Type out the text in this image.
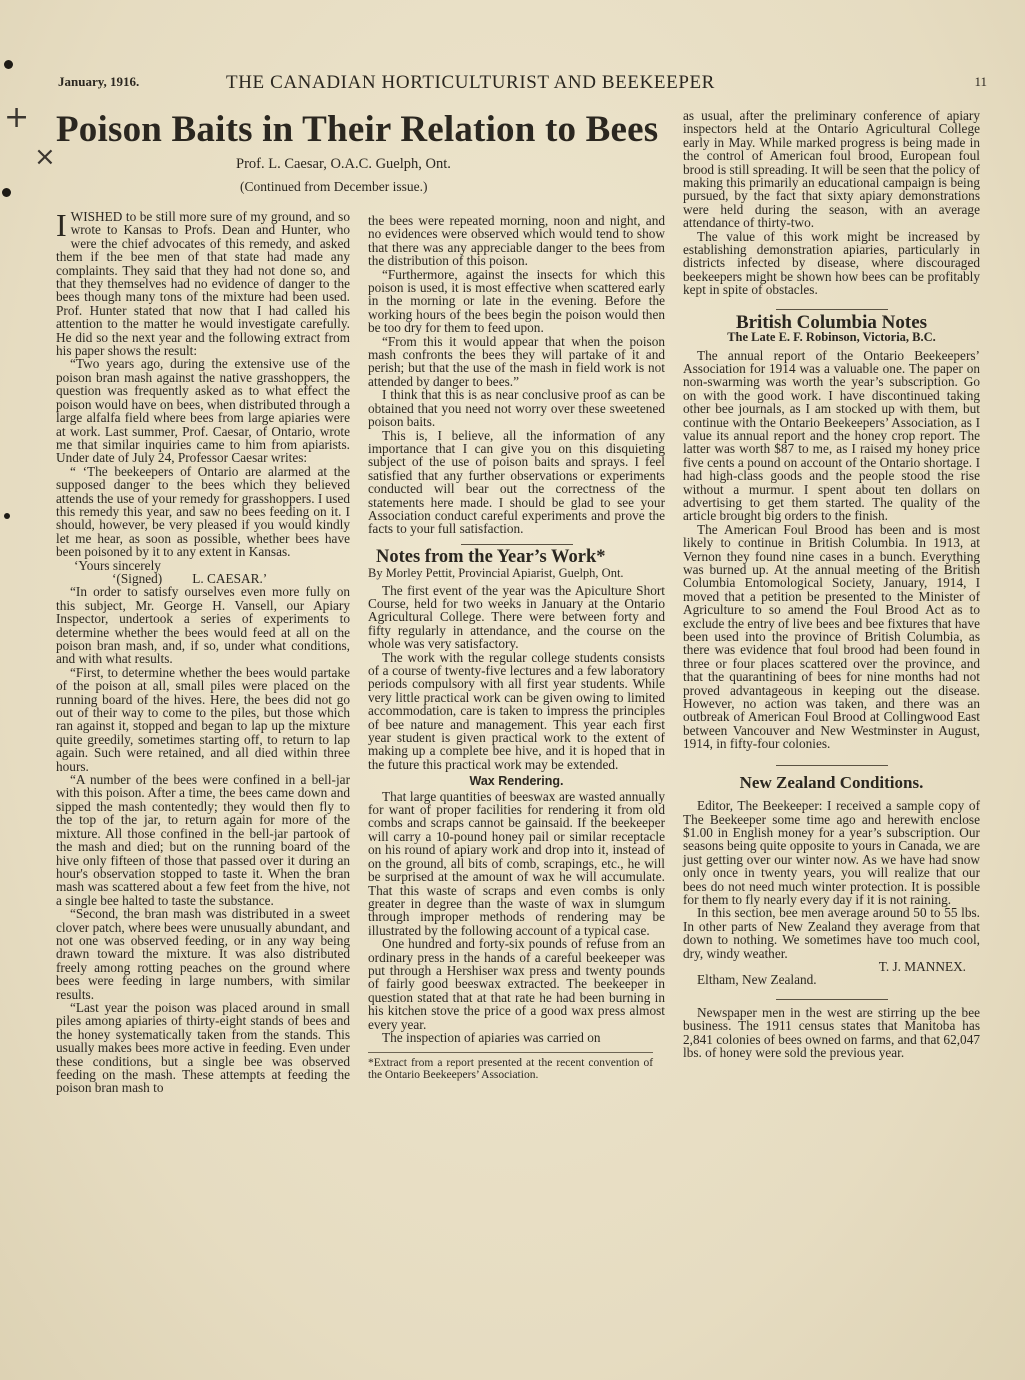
+
×
January, 1916.	THE CANADIAN HORTICULTURIST AND BEEKEEPER	11
Poison Baits in Their Relation to Bees
Prof. L. Caesar, O.A.C. Guelph, Ont.
(Continued from December issue.)

IWISHED to be still more sure of my ground, and so wrote to Kansas to Profs. Dean and Hunter, who were the chief advocates of this remedy, and asked them if the bee men of that state had made any complaints. They said that they had not done so, and that they themselves had no evidence of danger to the bees though many tons of the mixture had been used. Prof. Hunter stated that now that I had called his attention to the matter he would investigate carefully. He did so the next year and the following extract from his paper shows the result:

“Two years ago, during the extensive use of the poison bran mash against the native grasshoppers, the question was frequently asked as to what effect the poison would have on bees, when distributed through a large alfalfa field where bees from large apiaries were at work. Last summer, Prof. Caesar, of Ontario, wrote me that similar inquiries came to him from apiarists. Under date of July 24, Professor Caesar writes:

“ ‘The beekeepers of Ontario are alarmed at the supposed danger to the bees which they believed attends the use of your remedy for grasshoppers. I used this remedy this year, and saw no bees feeding on it. I should, however, be very pleased if you would kindly let me hear, as soon as possible, whether bees have been poisoned by it to any extent in Kansas.

‘Yours sincerely

‘(Signed) L. CAESAR.’

“In order to satisfy ourselves even more fully on this subject, Mr. George H. Vansell, our Apiary Inspector, undertook a series of experiments to determine whether the bees would feed at all on the poison bran mash, and, if so, under what conditions, and with what results.

“First, to determine whether the bees would partake of the poison at all, small piles were placed on the running board of the hives. Here, the bees did not go out of their way to come to the piles, but those which ran against it, stopped and began to lap up the mixture quite greedily, sometimes starting off, to return to lap again. Such were retained, and all died within three hours.

“A number of the bees were confined in a bell-jar with this poison. After a time, the bees came down and sipped the mash contentedly; they would then fly to the top of the jar, to return again for more of the mixture. All those confined in the bell-jar partook of the mash and died; but on the running board of the hive only fifteen of those that passed over it during an hour's observation stopped to taste it. When the bran mash was scattered about a few feet from the hive, not a single bee halted to taste the substance.

“Second, the bran mash was distributed in a sweet clover patch, where bees were unusually abundant, and not one was observed feeding, or in any way being drawn toward the mixture. It was also distributed freely among rotting peaches on the ground where bees were feeding in large numbers, with similar results.

“Last year the poison was placed around in small piles among apiaries of thirty-eight stands of bees and the honey systematically taken from the stands. This usually makes bees more active in feeding. Even under these conditions, but a single bee was observed feeding on the mash. These attempts at feeding the poison bran mash to

the bees were repeated morning, noon and night, and no evidences were observed which would tend to show that there was any appreciable danger to the bees from the distribution of this poison.

“Furthermore, against the insects for which this poison is used, it is most effective when scattered early in the morning or late in the evening. Before the working hours of the bees begin the poison would then be too dry for them to feed upon.

“From this it would appear that when the poison mash confronts the bees they will partake of it and perish; but that the use of the mash in field work is not attended by danger to bees.”

I think that this is as near conclusive proof as can be obtained that you need not worry over these sweetened poison baits.

This is, I believe, all the information of any importance that I can give you on this disquieting subject of the use of poison baits and sprays. I feel satisfied that any further observations or experiments conducted will bear out the correctness of the statements here made. I should be glad to see your Association conduct careful experiments and prove the facts to your full satisfaction.

Notes from the Year’s Work*
By Morley Pettit, Provincial Apiarist, Guelph, Ont.

The first event of the year was the Apiculture Short Course, held for two weeks in January at the Ontario Agricultural College. There were between forty and fifty regularly in attendance, and the course on the whole was very satisfactory.

The work with the regular college students consists of a course of twenty-five lectures and a few laboratory periods compulsory with all first year students. While very little practical work can be given owing to limited accommodation, care is taken to impress the principles of bee nature and management. This year each first year student is given practical work to the extent of making up a complete bee hive, and it is hoped that in the future this practical work may be extended.

Wax Rendering.

That large quantities of beeswax are wasted annually for want of proper facilities for rendering it from old combs and scraps cannot be gainsaid. If the beekeeper will carry a 10-pound honey pail or similar receptacle on his round of apiary work and drop into it, instead of on the ground, all bits of comb, scrapings, etc., he will be surprised at the amount of wax he will accumulate. That this waste of scraps and even combs is only greater in degree than the waste of wax in slumgum through improper methods of rendering may be illustrated by the following account of a typical case.

One hundred and forty-six pounds of refuse from an ordinary press in the hands of a careful beekeeper was put through a Hershiser wax press and twenty pounds of fairly good beeswax extracted. The beekeeper in question stated that at that rate he had been burning in his kitchen stove the price of a good wax press almost every year.

The inspection of apiaries was carried on

*Extract from a report presented at the recent convention of the Ontario Beekeepers’ Association.

as usual, after the preliminary conference of apiary inspectors held at the Ontario Agricultural College early in May. While marked progress is being made in the control of American foul brood, European foul brood is still spreading. It will be seen that the policy of making this primarily an educational campaign is being pursued, by the fact that sixty apiary demonstrations were held during the season, with an average attendance of thirty-two.

The value of this work might be increased by establishing demonstration apiaries, particularly in districts infected by disease, where discouraged beekeepers might be shown how bees can be profitably kept in spite of obstacles.

British Columbia Notes
The Late E. F. Robinson, Victoria, B.C.

The annual report of the Ontario Beekeepers’ Association for 1914 was a valuable one. The paper on non-swarming was worth the year’s subscription. Go on with the good work. I have discontinued taking other bee journals, as I am stocked up with them, but continue with the Ontario Beekeepers’ Association, as I value its annual report and the honey crop report. The latter was worth $87 to me, as I raised my honey price five cents a pound on account of the Ontario shortage. I had high-class goods and the people stood the rise without a murmur. I spent about ten dollars on advertising to get them started. The quality of the article brought big orders to the finish.

The American Foul Brood has been and is most likely to continue in British Columbia. In 1913, at Vernon they found nine cases in a bunch. Everything was burned up. At the annual meeting of the British Columbia Entomological Society, January, 1914, I moved that a petition be presented to the Minister of Agriculture to so amend the Foul Brood Act as to exclude the entry of live bees and bee fixtures that have been used into the province of British Columbia, as there was evidence that foul brood had been found in three or four places scattered over the province, and that the quarantining of bees for nine months had not proved advantageous in keeping out the disease. However, no action was taken, and there was an outbreak of American Foul Brood at Collingwood East between Vancouver and New Westminster in August, 1914, in fifty-four colonies.

New Zealand Conditions.

Editor, The Beekeeper: I received a sample copy of The Beekeeper some time ago and herewith enclose $1.00 in English money for a year’s subscription. Our seasons being quite opposite to yours in Canada, we are just getting over our winter now. As we have had snow only once in twenty years, you will realize that our bees do not need much winter protection. It is possible for them to fly nearly every day if it is not raining.

In this section, bee men average around 50 to 55 lbs. In other parts of New Zealand they average from that down to nothing. We sometimes have too much cool, dry, windy weather.

T. J. MANNEX.

Eltham, New Zealand.

Newspaper men in the west are stirring up the bee business. The 1911 census states that Manitoba has 2,841 colonies of bees owned on farms, and that 62,047 lbs. of honey were sold the previous year.
